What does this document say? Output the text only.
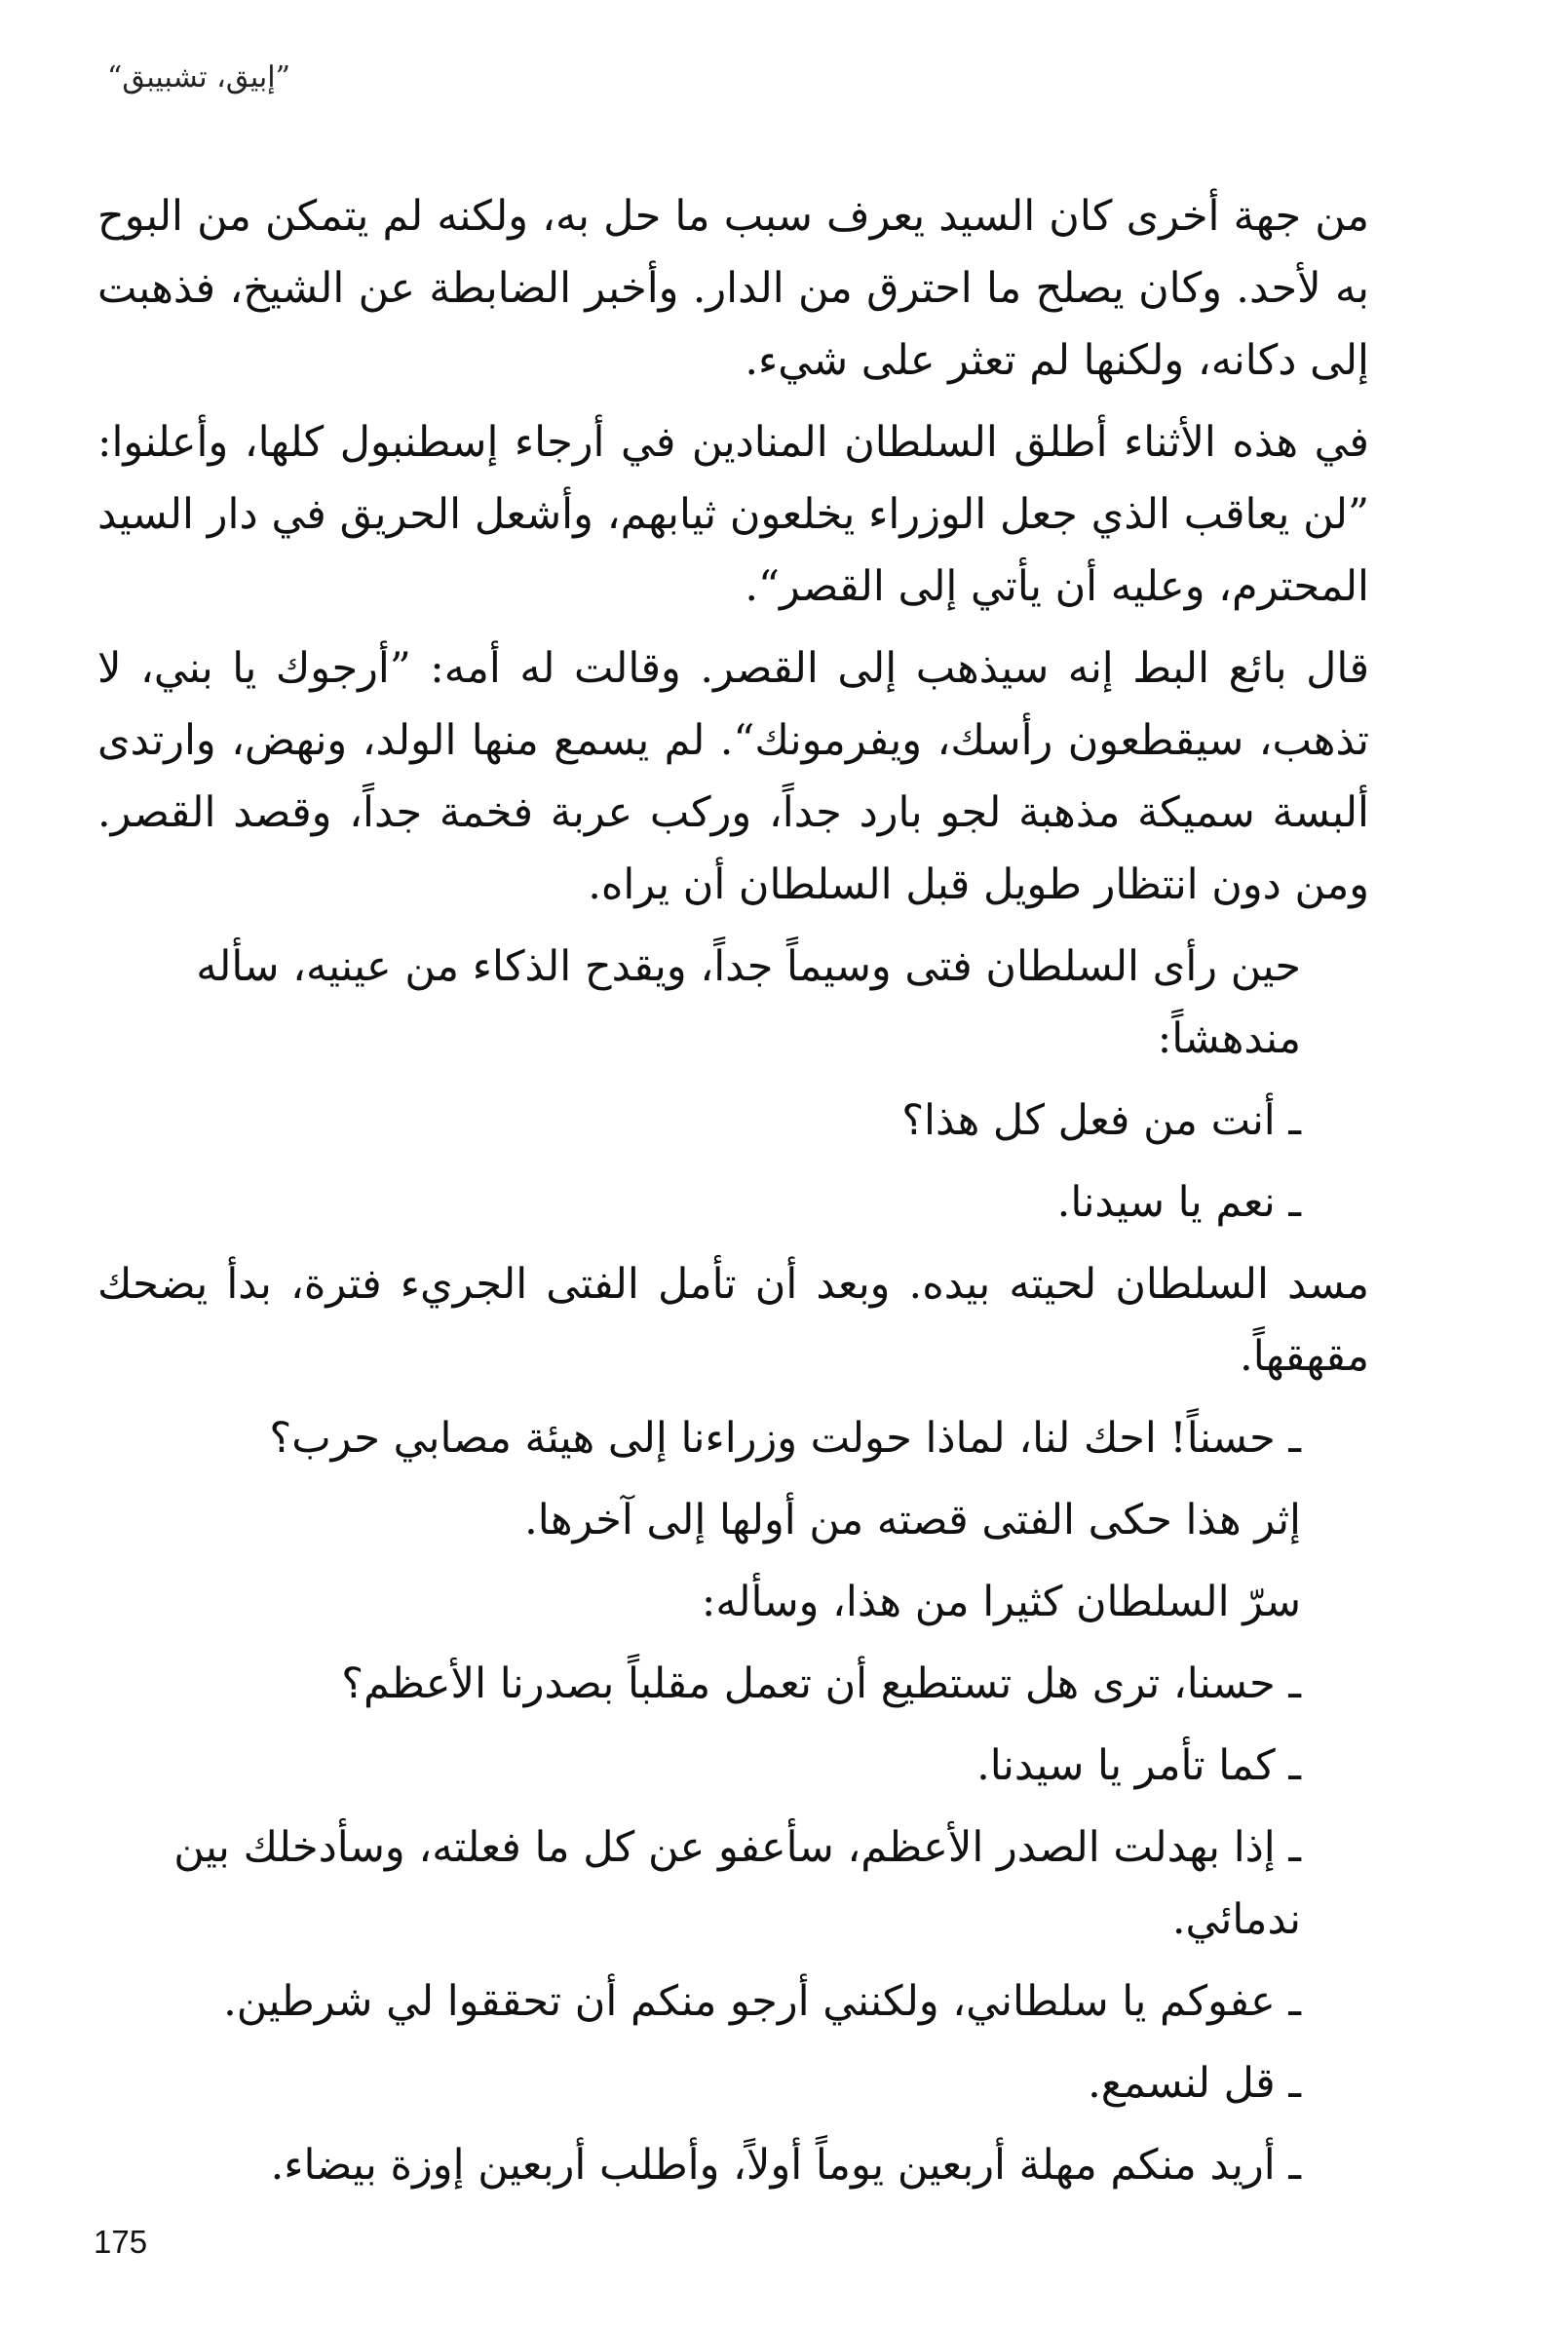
”إبيق، تشبيبق“

من جهة أخرى كان السيد يعرف سبب ما حل به، ولكنه لم يتمكن من البوح به لأحد. وكان يصلح ما احترق من الدار. وأخبر الضابطة عن الشيخ، فذهبت إلى دكانه، ولكنها لم تعثر على شيء.

في هذه الأثناء أطلق السلطان المنادين في أرجاء إسطنبول كلها، وأعلنوا: ”لن يعاقب الذي جعل الوزراء يخلعون ثيابهم، وأشعل الحريق في دار السيد المحترم، وعليه أن يأتي إلى القصر“.

قال بائع البط إنه سيذهب إلى القصر. وقالت له أمه: ”أرجوك يا بني، لا تذهب، سيقطعون رأسك، ويفرمونك“. لم يسمع منها الولد، ونهض، وارتدى ألبسة سميكة مذهبة لجو بارد جداً، وركب عربة فخمة جداً، وقصد القصر. ومن دون انتظار طويل قبل السلطان أن يراه.

حين رأى السلطان فتى وسيماً جداً، ويقدح الذكاء من عينيه، سأله مندهشاً:

ـ أنت من فعل كل هذا؟

ـ نعم يا سيدنا.

مسد السلطان لحيته بيده. وبعد أن تأمل الفتى الجريء فترة، بدأ يضحك مقهقهاً.

ـ حسناً! احك لنا، لماذا حولت وزراءنا إلى هيئة مصابي حرب؟

إثر هذا حكى الفتى قصته من أولها إلى آخرها.

سرّ السلطان كثيرا من هذا، وسأله:

ـ حسنا، ترى هل تستطيع أن تعمل مقلباً بصدرنا الأعظم؟

ـ كما تأمر يا سيدنا.

ـ إذا بهدلت الصدر الأعظم، سأعفو عن كل ما فعلته، وسأدخلك بين ندمائي.

ـ عفوكم يا سلطاني، ولكنني أرجو منكم أن تحققوا لي شرطين.

ـ قل لنسمع.

ـ أريد منكم مهلة أربعين يوماً أولاً، وأطلب أربعين إوزة بيضاء.

175
